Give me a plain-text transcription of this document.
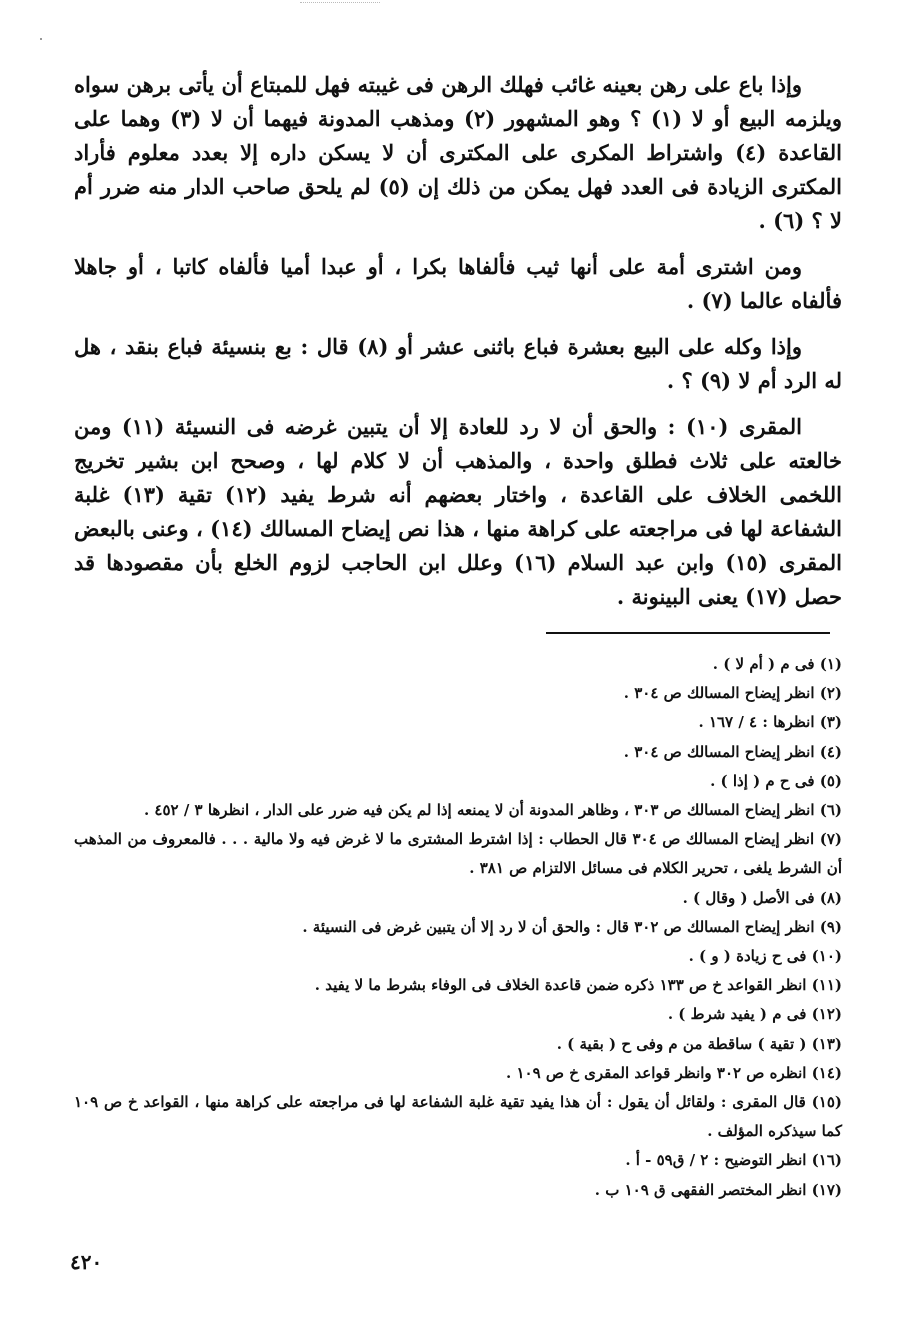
وإذا باع على رهن بعينه غائب فهلك الرهن فى غيبته فهل للمبتاع أن يأتى برهن سواه ويلزمه البيع أو لا (١) ؟ وهو المشهور (٢) ومذهب المدونة فيهما أن لا (٣) وهما على القاعدة (٤) واشتراط المكرى على المكترى أن لا يسكن داره إلا بعدد معلوم فأراد المكترى الزيادة فى العدد فهل يمكن من ذلك إن (٥) لم يلحق صاحب الدار منه ضرر أم لا ؟ (٦) .

ومن اشترى أمة على أنها ثيب فألفاها بكرا ، أو عبدا أميا فألفاه كاتبا ، أو جاهلا فألفاه عالما (٧) .

وإذا وكله على البيع بعشرة فباع باثنى عشر أو (٨) قال : بع بنسيئة فباع بنقد ، هل له الرد أم لا (٩) ؟ .

المقرى (١٠) : والحق أن لا رد للعادة إلا أن يتبين غرضه فى النسيئة (١١) ومن خالعته على ثلاث فطلق واحدة ، والمذهب أن لا كلام لها ، وصحح ابن بشير تخريج اللخمى الخلاف على القاعدة ، واختار بعضهم أنه شرط يفيد (١٢) تقية (١٣) غلبة الشفاعة لها فى مراجعته على كراهة منها ، هذا نص إيضاح المسالك (١٤) ، وعنى بالبعض المقرى (١٥) وابن عبد السلام (١٦) وعلل ابن الحاجب لزوم الخلع بأن مقصودها قد حصل (١٧) يعنى البينونة .

(١) فى م ( أم لا ) .

(٢) انظر إيضاح المسالك ص ٣٠٤ .

(٣) انظرها : ٤ / ١٦٧ .

(٤) انظر إيضاح المسالك ص ٣٠٤ .

(٥) فى ح م ( إذا ) .

(٦) انظر إيضاح المسالك ص ٣٠٣ ، وظاهر المدونة أن لا يمنعه إذا لم يكن فيه ضرر على الدار ، انظرها ٣ / ٤٥٢ .

(٧) انظر إيضاح المسالك ص ٣٠٤ قال الحطاب : إذا اشترط المشترى ما لا غرض فيه ولا مالية . . . فالمعروف من المذهب أن الشرط يلغى ، تحرير الكلام فى مسائل الالتزام ص ٣٨١ .

(٨) فى الأصل ( وقال ) .

(٩) انظر إيضاح المسالك ص ٣٠٢ قال : والحق أن لا رد إلا أن يتبين غرض فى النسيئة .

(١٠) فى ح زيادة ( و ) .

(١١) انظر القواعد خ ص ١٣٣ ذكره ضمن قاعدة الخلاف فى الوفاء بشرط ما لا يفيد .

(١٢) فى م ( يفيد شرط ) .

(١٣) ( تقية ) ساقطة من م وفى ح ( بقية ) .

(١٤) انظره ص ٣٠٢ وانظر قواعد المقرى خ ص ١٠٩ .

(١٥) قال المقرى : ولقائل أن يقول : أن هذا يفيد تقية غلبة الشفاعة لها فى مراجعته على كراهة منها ، القواعد خ ص ١٠٩ كما سيذكره المؤلف .

(١٦) انظر التوضيح : ٢ / ق٥٩ - أ .

(١٧) انظر المختصر الفقهى ق ١٠٩ ب .

٤٢٠
